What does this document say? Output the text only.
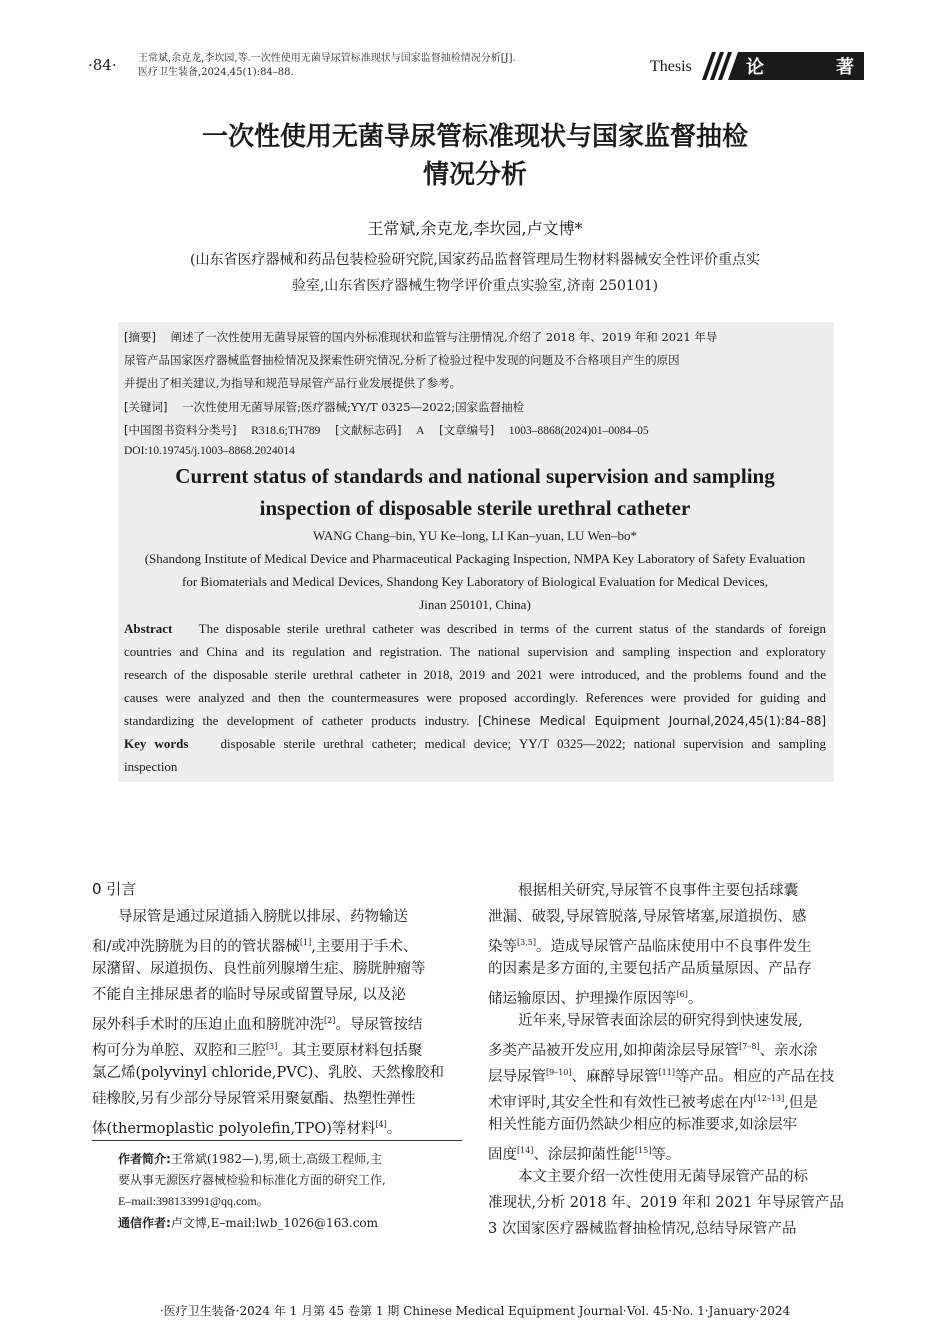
·84· 王常斌,余克龙,李坎园,等.一次性使用无菌导尿管标准现状与国家监督抽检情况分析[J].
医疗卫生装备,2024,45(1):84–88.	Thesis	论	著
一次性使用无菌导尿管标准现状与国家监督抽检
情况分析
王常斌,余克龙,李坎园,卢文博*
(山东省医疗器械和药品包装检验研究院,国家药品监督管理局生物材料器械安全性评价重点实
验室,山东省医疗器械生物学评价重点实验室,济南 250101)
[摘要] 阐述了一次性使用无菌导尿管的国内外标准现状和监管与注册情况,介绍了 2018 年、2019 年和 2021 年导
尿管产品国家医疗器械监督抽检情况及探索性研究情况,分析了检验过程中发现的问题及不合格项目产生的原因
并提出了相关建议,为指导和规范导尿管产品行业发展提供了参考。
[关键词] 一次性使用无菌导尿管;医疗器械;YY/T 0325—2022;国家监督抽检
[中国图书资料分类号] R318.6;TH789 [文献标志码] A [文章编号] 1003–8868(2024)01–0084–05
DOI:10.19745/j.1003–8868.2024014
Current status of standards and national supervision and sampling
inspection of disposable sterile urethral catheter
WANG Chang–bin, YU Ke–long, LI Kan–yuan, LU Wen–bo*
(Shandong Institute of Medical Device and Pharmaceutical Packaging Inspection, NMPA Key Laboratory of Safety Evaluation
for Biomaterials and Medical Devices, Shandong Key Laboratory of Biological Evaluation for Medical Devices,
Jinan 250101, China)
Abstract The disposable sterile urethral catheter was described in terms of the current status of the standards of foreign
countries and China and its regulation and registration. The national supervision and sampling inspection and exploratory
research of the disposable sterile urethral catheter in 2018, 2019 and 2021 were introduced, and the problems found and the
causes were analyzed and then the countermeasures were proposed accordingly. References were provided for guiding and
standardizing the development of catheter products industry. [Chinese Medical Equipment Journal,2024,45(1):84–88]
Key words disposable sterile urethral catheter; medical device; YY/T 0325—2022; national supervision and sampling
inspection
0 引言
导尿管是通过尿道插入膀胱以排尿、药物输送
和/或冲洗膀胱为目的的管状器械[1],主要用于手术、
尿潴留、尿道损伤、良性前列腺增生症、膀胱肿瘤等
不能自主排尿患者的临时导尿或留置导尿, 以及泌
尿外科手术时的压迫止血和膀胱冲洗[2]。导尿管按结
构可分为单腔、双腔和三腔[3]。其主要原材料包括聚
氯乙烯(polyvinyl chloride,PVC)、乳胶、天然橡胶和
硅橡胶,另有少部分导尿管采用聚氨酯、热塑性弹性
体(thermoplastic polyolefin,TPO)等材料[4]。
作者简介:王常斌(1982—),男,硕士,高级工程师,主
要从事无源医疗器械检验和标准化方面的研究工作,
E–mail:398133991@qq.com。
通信作者:卢文博,E–mail:lwb_1026@163.com
根据相关研究,导尿管不良事件主要包括球囊
泄漏、破裂,导尿管脱落,导尿管堵塞,尿道损伤、感
染等[3,5]。造成导尿管产品临床使用中不良事件发生
的因素是多方面的,主要包括产品质量原因、产品存
储运输原因、护理操作原因等[6]。
近年来,导尿管表面涂层的研究得到快速发展,
多类产品被开发应用,如抑菌涂层导尿管[7–8]、亲水涂
层导尿管[9–10]、麻醉导尿管[11]等产品。相应的产品在技
术审评时,其安全性和有效性已被考虑在内[12–13],但是
相关性能方面仍然缺少相应的标准要求,如涂层牢
固度[14]、涂层抑菌性能[15]等。
本文主要介绍一次性使用无菌导尿管产品的标
准现状,分析 2018 年、2019 年和 2021 年导尿管产品
3 次国家医疗器械监督抽检情况,总结导尿管产品
·医疗卫生装备·2024 年 1 月第 45 卷第 1 期 Chinese Medical Equipment Journal·Vol. 45·No. 1·January·2024
